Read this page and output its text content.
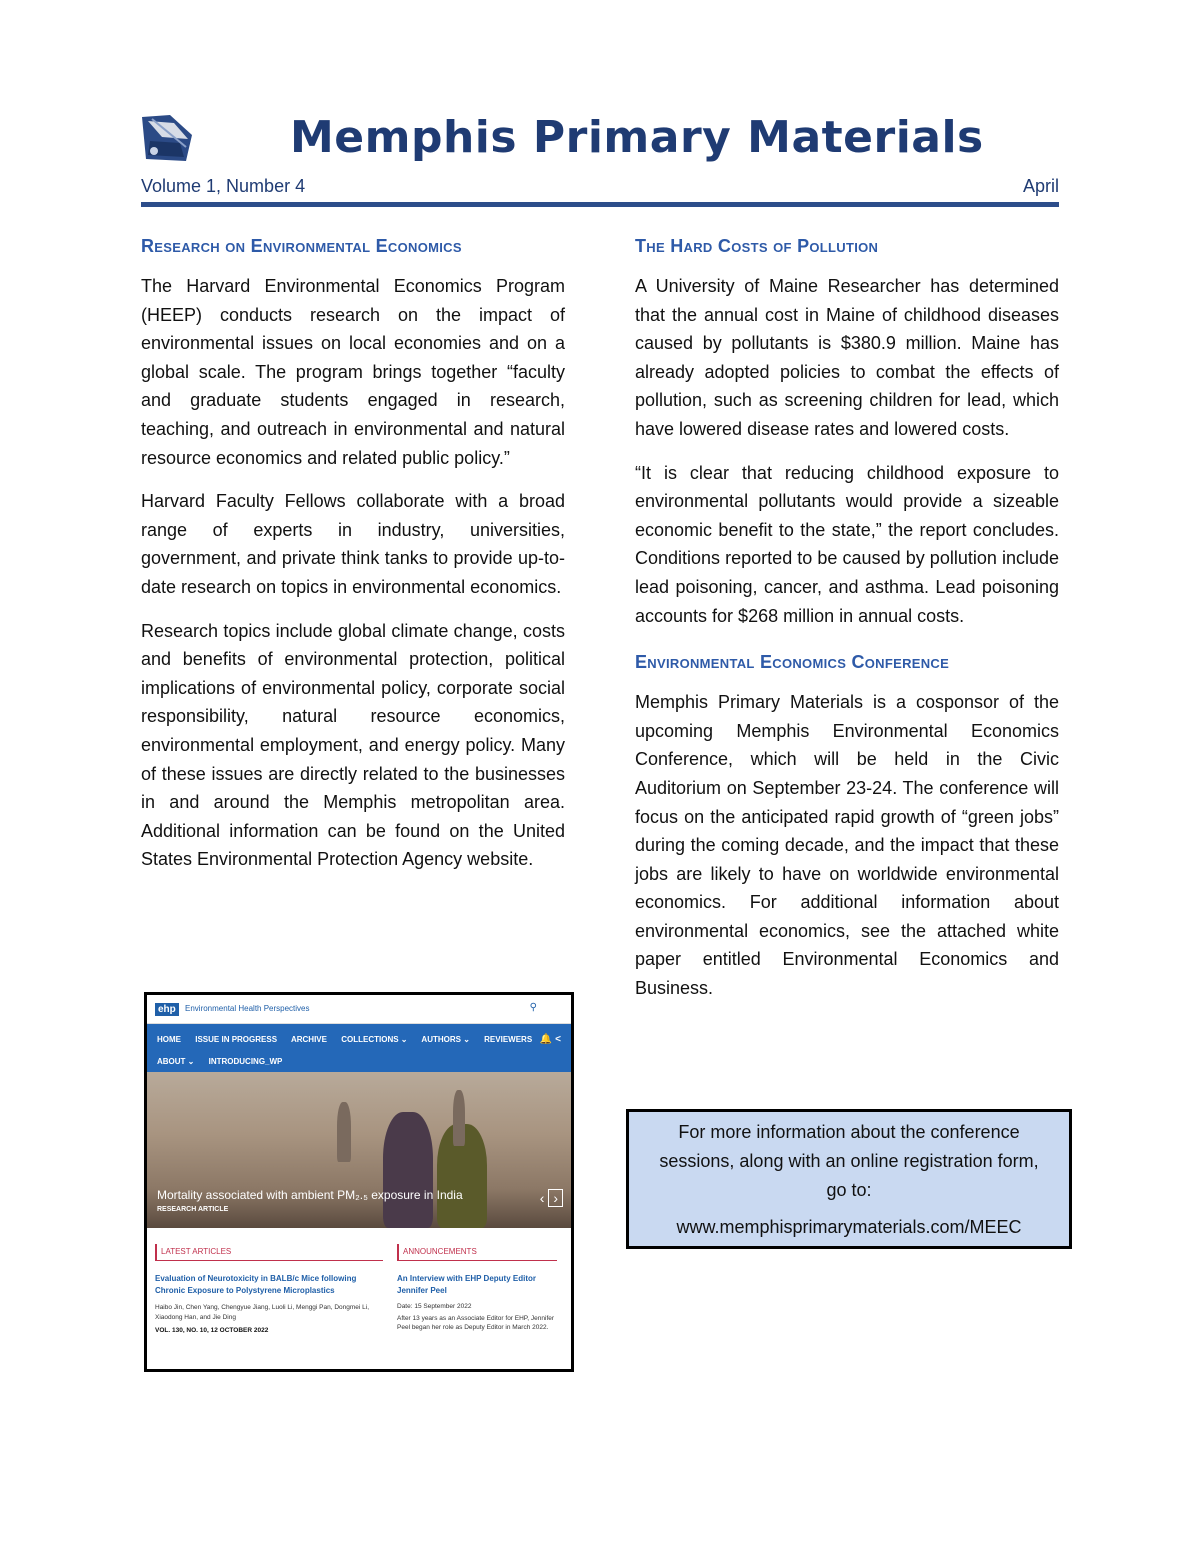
Memphis Primary Materials
Volume 1, Number 4	April
Research on Environmental Economics

The Harvard Environmental Economics Program (HEEP) conducts research on the impact of environmental issues on local economies and on a global scale. The program brings together “faculty and graduate students engaged in research, teaching, and outreach in environmental and natural resource economics and related public policy.”

Harvard Faculty Fellows collaborate with a broad range of experts in industry, universities, government, and private think tanks to provide up-to-date research on topics in environmental economics.

Research topics include global climate change, costs and benefits of environmental protection, political implications of environmental policy, corporate social responsibility, natural resource economics, environmental employment, and energy policy. Many of these issues are directly related to the businesses in and around the Memphis metropolitan area. Additional information can be found on the United States Environmental Protection Agency website.

ehp	Environmental Health Perspectives	⚲
HOME ISSUE IN PROGRESS ARCHIVE COLLECTIONS ⌄ AUTHORS ⌄ REVIEWERS
ABOUT ⌄ INTRODUCING_WP
🔔 <
Mortality associated with ambient PM₂.₅ exposure in India
RESEARCH ARTICLE
‹ ›
LATEST ARTICLES
Evaluation of Neurotoxicity in BALB/c Mice following Chronic Exposure to Polystyrene Microplastics
Haibo Jin, Chen Yang, Chengyue Jiang, Luoli Li, Menggi Pan, Dongmei Li, Xiaodong Han, and Jie Ding
VOL. 130, NO. 10, 12 OCTOBER 2022
ANNOUNCEMENTS
An Interview with EHP Deputy Editor Jennifer Peel
Date: 15 September 2022
After 13 years as an Associate Editor for EHP, Jennifer Peel began her role as Deputy Editor in March 2022.
The Hard Costs of Pollution

A University of Maine Researcher has determined that the annual cost in Maine of childhood diseases caused by pollutants is $380.9 million. Maine has already adopted policies to combat the effects of pollution, such as screening children for lead, which have lowered disease rates and lowered costs.

“It is clear that reducing childhood exposure to environmental pollutants would provide a sizeable economic benefit to the state,” the report concludes. Conditions reported to be caused by pollution include lead poisoning, cancer, and asthma. Lead poisoning accounts for $268 million in annual costs.

Environmental Economics Conference

Memphis Primary Materials is a cosponsor of the upcoming Memphis Environmental Economics Conference, which will be held in the Civic Auditorium on September 23-24. The conference will focus on the anticipated rapid growth of “green jobs” during the coming decade, and the impact that these jobs are likely to have on worldwide environmental economics. For additional information about environmental economics, see the attached white paper entitled Environmental Economics and Business.

For more information about the conference sessions, along with an online registration form, go to:
www.memphisprimarymaterials.com/MEEC
